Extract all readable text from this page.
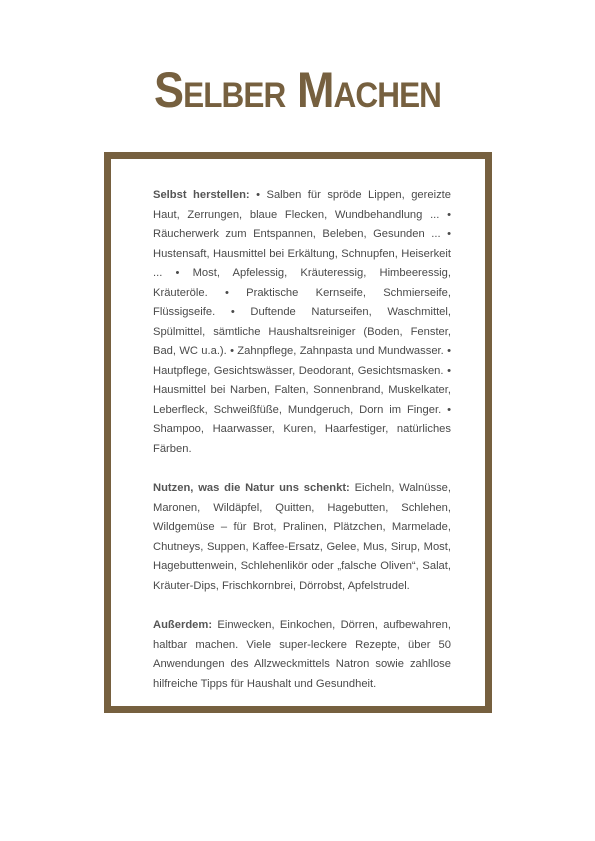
Selber Machen

Selbst herstellen: • Salben für spröde Lippen, gereizte Haut, Zerrungen, blaue Flecken, Wundbehandlung ... • Räucherwerk zum Entspannen, Beleben, Gesunden ... • Hustensaft, Hausmittel bei Erkältung, Schnupfen, Heiserkeit ... • Most, Apfelessig, Kräuteressig, Himbeeressig, Kräuteröle. • Praktische Kernseife, Schmierseife, Flüssigseife. • Duftende Naturseifen, Waschmittel, Spülmittel, sämtliche Haushaltsreiniger (Boden, Fenster, Bad, WC u.a.). • Zahnpflege, Zahnpasta und Mundwasser. • Hautpflege, Gesichtswässer, Deodorant, Gesichtsmasken. • Hausmittel bei Narben, Falten, Sonnenbrand, Muskelkater, Leberfleck, Schweißfüße, Mundgeruch, Dorn im Finger. • Shampoo, Haarwasser, Kuren, Haarfestiger, natürliches Färben.

Nutzen, was die Natur uns schenkt: Eicheln, Walnüsse, Maronen, Wildäpfel, Quitten, Hagebutten, Schlehen, Wildgemüse – für Brot, Pralinen, Plätzchen, Marmelade, Chutneys, Suppen, Kaffee-Ersatz, Gelee, Mus, Sirup, Most, Hagebuttenwein, Schlehenlikör oder „falsche Oliven“, Salat, Kräuter-Dips, Frischkornbrei, Dörrobst, Apfelstrudel.

Außerdem: Einwecken, Einkochen, Dörren, aufbewahren, haltbar machen. Viele super-leckere Rezepte, über 50 Anwendungen des Allzweckmittels Natron sowie zahllose hilfreiche Tipps für Haushalt und Gesundheit.
